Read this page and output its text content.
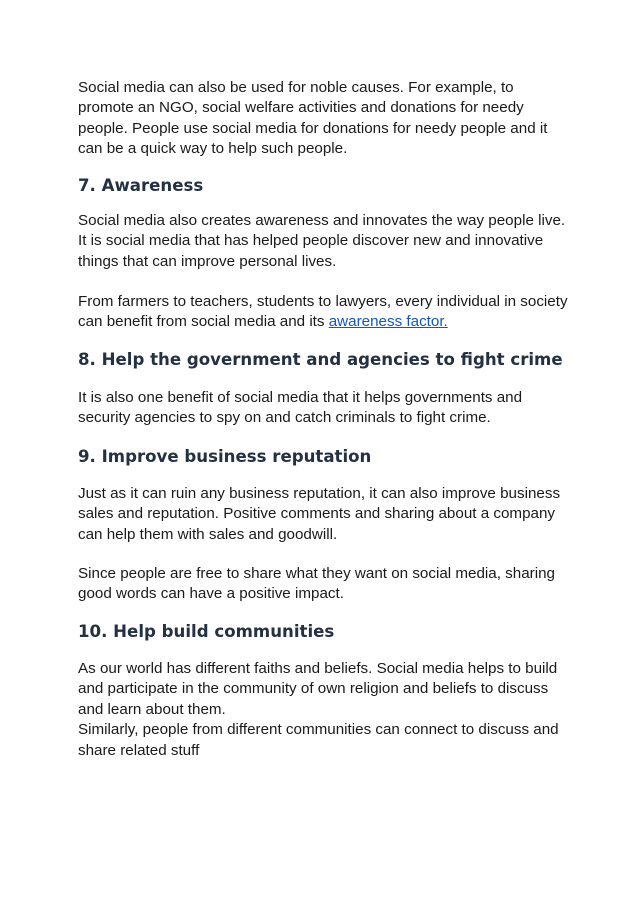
Social media can also be used for noble causes. For example, to
promote an NGO, social welfare activities and donations for needy
people. People use social media for donations for needy people and it
can be a quick way to help such people.

7. Awareness

Social media also creates awareness and innovates the way people live.
It is social media that has helped people discover new and innovative
things that can improve personal lives.

From farmers to teachers, students to lawyers, every individual in society
can benefit from social media and its awareness factor.

8. Help the government and agencies to fight crime

It is also one benefit of social media that it helps governments and
security agencies to spy on and catch criminals to fight crime.

9. Improve business reputation

Just as it can ruin any business reputation, it can also improve business
sales and reputation. Positive comments and sharing about a company
can help them with sales and goodwill.

Since people are free to share what they want on social media, sharing
good words can have a positive impact.

10. Help build communities

As our world has different faiths and beliefs. Social media helps to build
and participate in the community of own religion and beliefs to discuss
and learn about them.
Similarly, people from different communities can connect to discuss and
share related stuff
